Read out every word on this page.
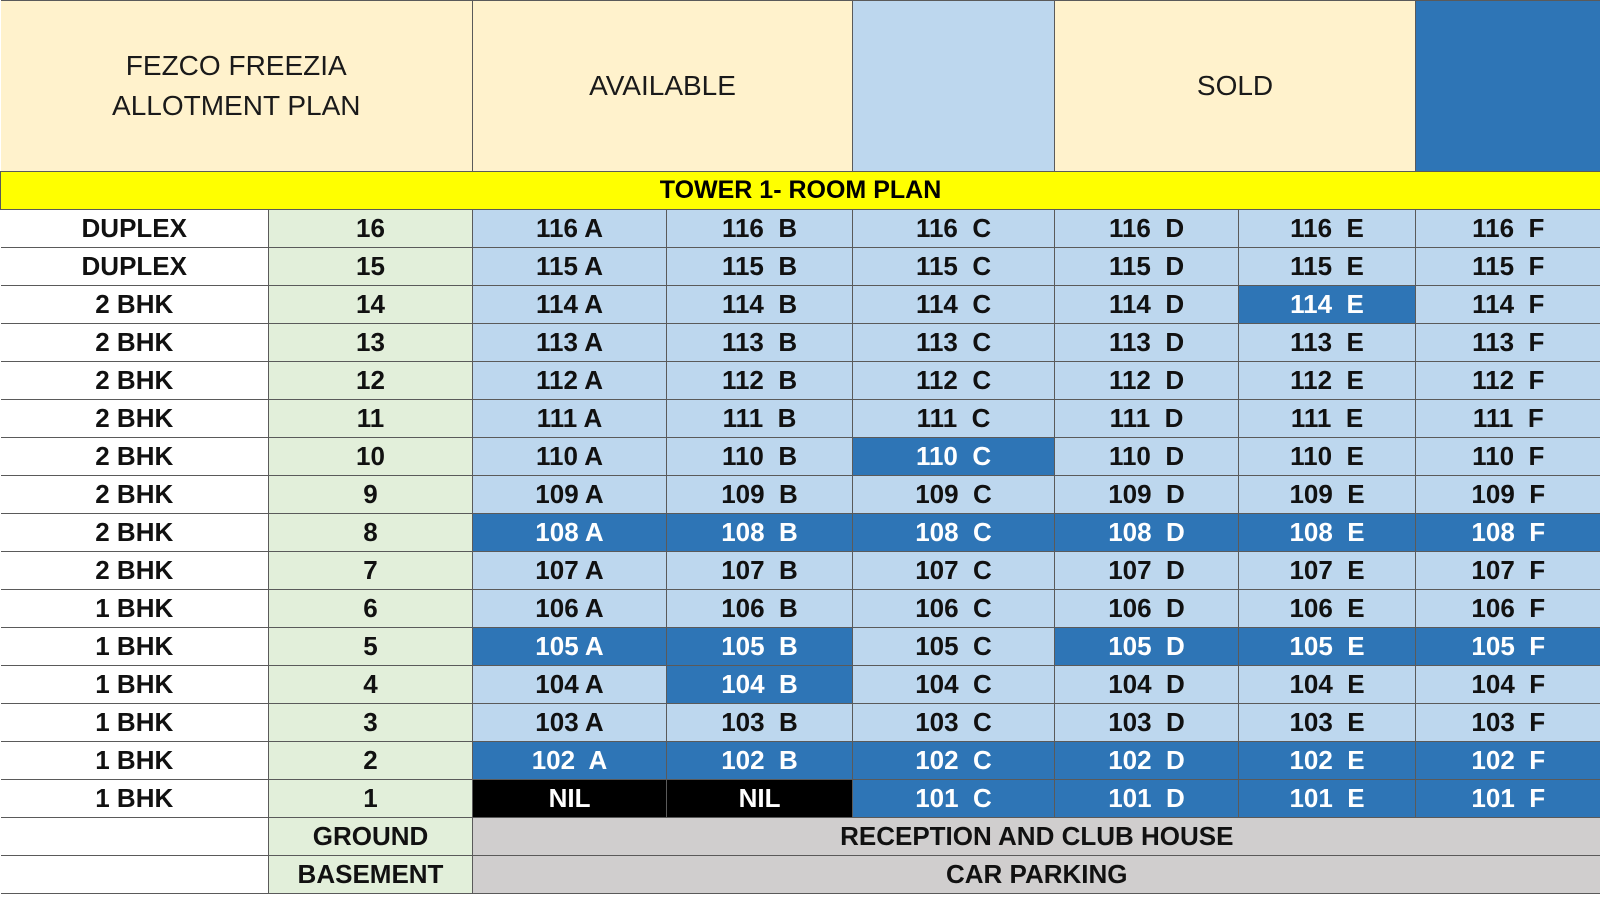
FEZCO FREEZIA
ALLOTMENT PLAN		AVAILABLE			SOLD		
TOWER 1- ROOM PLAN							
DUPLEX	16	116 A	116  B	116  C	116  D	116  E	116  F
DUPLEX	15	115 A	115  B	115  C	115  D	115  E	115  F
2 BHK	14	114 A	114  B	114  C	114  D	114  E	114  F
2 BHK	13	113 A	113  B	113  C	113  D	113  E	113  F
2 BHK	12	112 A	112  B	112  C	112  D	112  E	112  F
2 BHK	11	111 A	111  B	111  C	111  D	111  E	111  F
2 BHK	10	110 A	110  B	110  C	110  D	110  E	110  F
2 BHK	9	109 A	109  B	109  C	109  D	109  E	109  F
2 BHK	8	108 A	108  B	108  C	108  D	108  E	108  F
2 BHK	7	107 A	107  B	107  C	107  D	107  E	107  F
1 BHK	6	106 A	106  B	106  C	106  D	106  E	106  F
1 BHK	5	105 A	105  B	105  C	105  D	105  E	105  F
1 BHK	4	104 A	104  B	104  C	104  D	104  E	104  F
1 BHK	3	103 A	103  B	103  C	103  D	103  E	103  F
1 BHK	2	102  A	102  B	102  C	102  D	102  E	102  F
1 BHK	1	NIL	NIL	101  C	101  D	101  E	101  F
	GROUND	RECEPTION AND CLUB HOUSE					
	BASEMENT	CAR PARKING					
